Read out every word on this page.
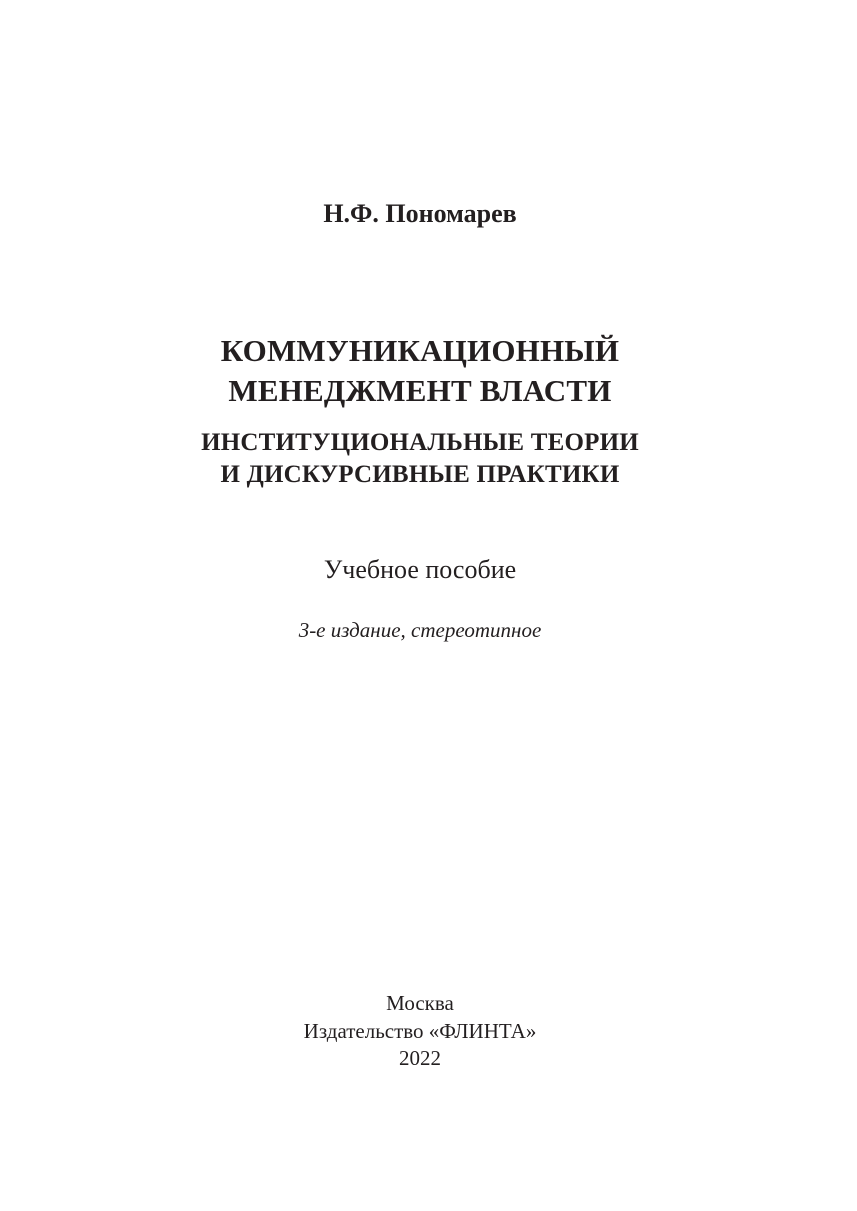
Н.Ф. Пономарев
КОММУНИКАЦИОННЫЙ
МЕНЕДЖМЕНТ ВЛАСТИ
ИНСТИТУЦИОНАЛЬНЫЕ ТЕОРИИ
И ДИСКУРСИВНЫЕ ПРАКТИКИ
Учебное пособие
3-е издание, стереотипное
Москва
Издательство «ФЛИНТА»
2022
